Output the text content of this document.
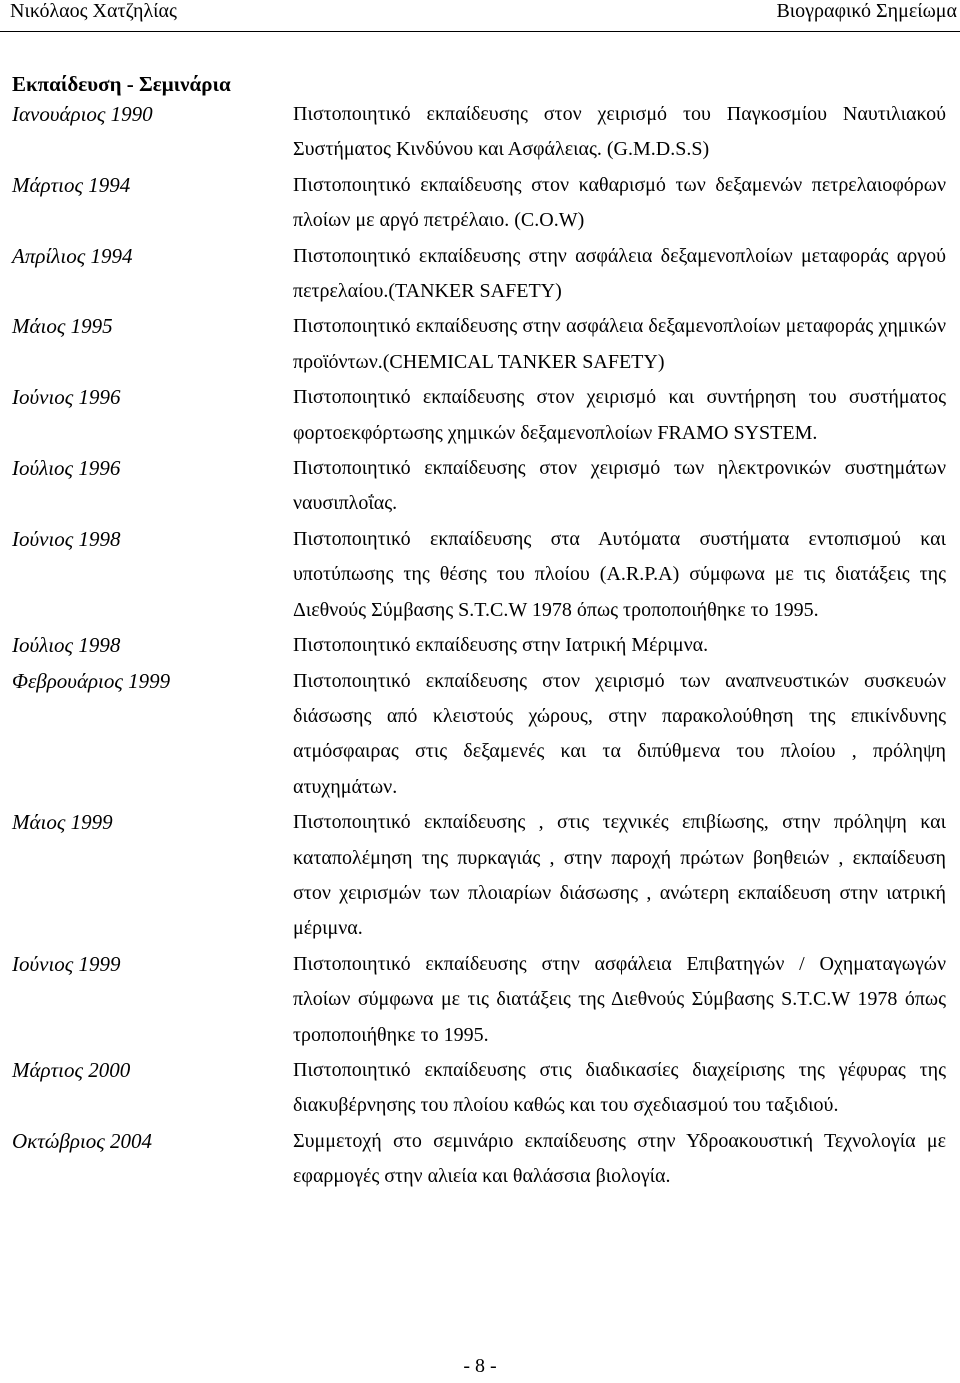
Νικόλαος Χατζηλίας	Βιογραφικό Σημείωμα
Εκπαίδευση - Σεμινάρια
Ιανουάριος 1990	Πιστοποιητικό εκπαίδευσης στον χειρισμό του Παγκοσμίου Ναυτιλιακού Συστήματος Κινδύνου και Ασφάλειας. (G.M.D.S.S)
Μάρτιος 1994	Πιστοποιητικό εκπαίδευσης στον καθαρισμό των δεξαμενών πετρελαιοφόρων πλοίων με αργό πετρέλαιο. (C.O.W)
Απρίλιος 1994	Πιστοποιητικό εκπαίδευσης στην ασφάλεια δεξαμενοπλοίων μεταφοράς αργού πετρελαίου.(TANKER SAFETY)
Μάιος 1995	Πιστοποιητικό εκπαίδευσης στην ασφάλεια δεξαμενοπλοίων μεταφοράς χημικών προϊόντων.(CHEMICAL TANKER SAFETY)
Ιούνιος 1996	Πιστοποιητικό εκπαίδευσης στον χειρισμό και συντήρηση του συστήματος φορτοεκφόρτωσης χημικών δεξαμενοπλοίων FRAMO SYSTEM.
Ιούλιος 1996	Πιστοποιητικό εκπαίδευσης στον χειρισμό των ηλεκτρονικών συστημάτων ναυσιπλοΐας.
Ιούνιος 1998	Πιστοποιητικό εκπαίδευσης στα Αυτόματα συστήματα εντοπισμού και υποτύπωσης της θέσης του πλοίου (A.R.P.A) σύμφωνα με τις διατάξεις της Διεθνούς Σύμβασης S.T.C.W 1978 όπως τροποποιήθηκε το 1995.
Ιούλιος 1998	Πιστοποιητικό εκπαίδευσης στην Ιατρική Μέριμνα.
Φεβρουάριος 1999	Πιστοποιητικό εκπαίδευσης στον χειρισμό των αναπνευστικών συσκευών διάσωσης από κλειστούς χώρους, στην παρακολούθηση της επικίνδυνης ατμόσφαιρας στις δεξαμενές και τα διπύθμενα του πλοίου , πρόληψη ατυχημάτων.
Μάιος 1999	Πιστοποιητικό εκπαίδευσης , στις τεχνικές επιβίωσης, στην πρόληψη και καταπολέμηση της πυρκαγιάς , στην παροχή πρώτων βοηθειών , εκπαίδευση στον χειρισμών των πλοιαρίων διάσωσης , ανώτερη εκπαίδευση στην ιατρική μέριμνα.
Ιούνιος 1999	Πιστοποιητικό εκπαίδευσης στην ασφάλεια Επιβατηγών / Οχηματαγωγών πλοίων σύμφωνα με τις διατάξεις της Διεθνούς Σύμβασης S.T.C.W 1978 όπως τροποποιήθηκε το 1995.
Μάρτιος 2000	Πιστοποιητικό εκπαίδευσης στις διαδικασίες διαχείρισης της γέφυρας της διακυβέρνησης του πλοίου καθώς και του σχεδιασμού του ταξιδιού.
Οκτώβριος 2004	Συμμετοχή στο σεμινάριο εκπαίδευσης στην Υδροακουστική Τεχνολογία με εφαρμογές στην αλιεία και θαλάσσια βιολογία.
- 8 -
